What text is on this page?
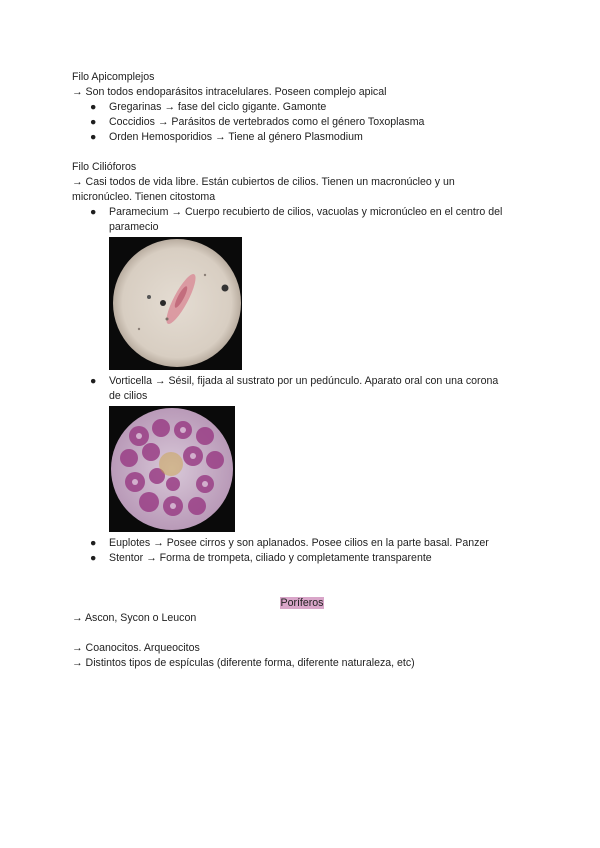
Filo Apicomplejos
→ Son todos endoparásitos intracelulares. Poseen complejo apical
● Gregarinas → fase del ciclo gigante. Gamonte
● Coccidios → Parásitos de vertebrados como el género Toxoplasma
● Orden Hemosporidios → Tiene al género Plasmodium
Filo Cilióforos
→ Casi todos de vida libre. Están cubiertos de cilios. Tienen un macronúcleo y un
micronúcleo. Tienen citostoma
● Paramecium → Cuerpo recubierto de cilios, vacuolas y micronúcleo en el centro del
paramecio
● Vorticella → Sésil, fijada al sustrato por un pedúnculo. Aparato oral con una corona
de cilios
● Euplotes → Posee cirros y son aplanados. Posee cilios en la parte basal. Panzer
● Stentor → Forma de trompeta, ciliado y completamente transparente
Poríferos
→ Ascon, Sycon o Leucon
→ Coanocitos. Arqueocitos
→ Distintos tipos de espículas (diferente forma, diferente naturaleza, etc)
